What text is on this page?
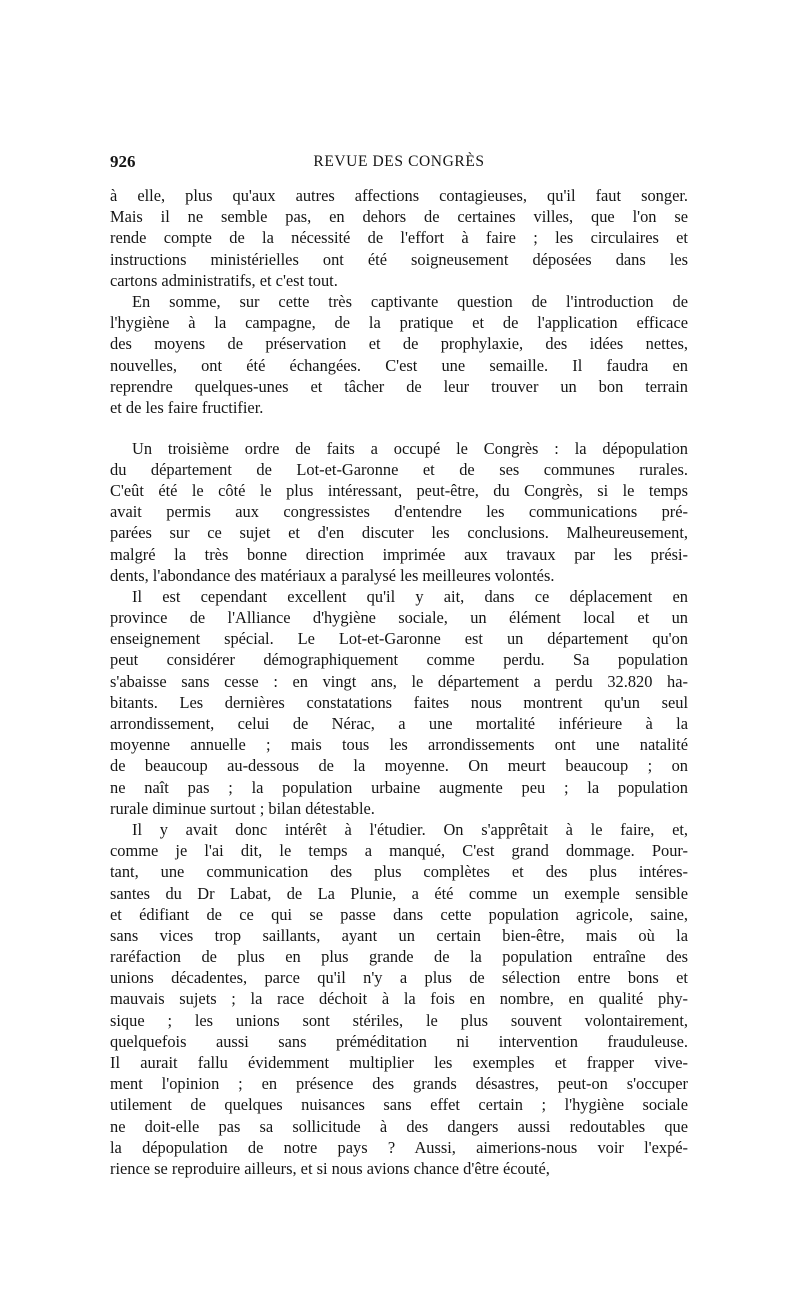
926	REVUE DES CONGRÈS
à elle, plus qu'aux autres affections contagieuses, qu'il faut songer.
Mais il ne semble pas, en dehors de certaines villes, que l'on se
rende compte de la nécessité de l'effort à faire ; les circulaires et
instructions ministérielles ont été soigneusement déposées dans les
cartons administratifs, et c'est tout.
En somme, sur cette très captivante question de l'introduction de
l'hygiène à la campagne, de la pratique et de l'application efficace
des moyens de préservation et de prophylaxie, des idées nettes,
nouvelles, ont été échangées. C'est une semaille. Il faudra en
reprendre quelques-unes et tâcher de leur trouver un bon terrain
et de les faire fructifier.
Un troisième ordre de faits a occupé le Congrès : la dépopulation
du département de Lot-et-Garonne et de ses communes rurales.
C'eût été le côté le plus intéressant, peut-être, du Congrès, si le temps
avait permis aux congressistes d'entendre les communications pré-
parées sur ce sujet et d'en discuter les conclusions. Malheureusement,
malgré la très bonne direction imprimée aux travaux par les prési-
dents, l'abondance des matériaux a paralysé les meilleures volontés.
Il est cependant excellent qu'il y ait, dans ce déplacement en
province de l'Alliance d'hygiène sociale, un élément local et un
enseignement spécial. Le Lot-et-Garonne est un département qu'on
peut considérer démographiquement comme perdu. Sa population
s'abaisse sans cesse : en vingt ans, le département a perdu 32.820 ha-
bitants. Les dernières constatations faites nous montrent qu'un seul
arrondissement, celui de Nérac, a une mortalité inférieure à la
moyenne annuelle ; mais tous les arrondissements ont une natalité
de beaucoup au-dessous de la moyenne. On meurt beaucoup ; on
ne naît pas ; la population urbaine augmente peu ; la population
rurale diminue surtout ; bilan détestable.
Il y avait donc intérêt à l'étudier. On s'apprêtait à le faire, et,
comme je l'ai dit, le temps a manqué, C'est grand dommage. Pour-
tant, une communication des plus complètes et des plus intéres-
santes du Dr Labat, de La Plunie, a été comme un exemple sensible
et édifiant de ce qui se passe dans cette population agricole, saine,
sans vices trop saillants, ayant un certain bien-être, mais où la
raréfaction de plus en plus grande de la population entraîne des
unions décadentes, parce qu'il n'y a plus de sélection entre bons et
mauvais sujets ; la race déchoit à la fois en nombre, en qualité phy-
sique ; les unions sont stériles, le plus souvent volontairement,
quelquefois aussi sans préméditation ni intervention frauduleuse.
Il aurait fallu évidemment multiplier les exemples et frapper vive-
ment l'opinion ; en présence des grands désastres, peut-on s'occuper
utilement de quelques nuisances sans effet certain ; l'hygiène sociale
ne doit-elle pas sa sollicitude à des dangers aussi redoutables que
la dépopulation de notre pays ? Aussi, aimerions-nous voir l'expé-
rience se reproduire ailleurs, et si nous avions chance d'être écouté,
